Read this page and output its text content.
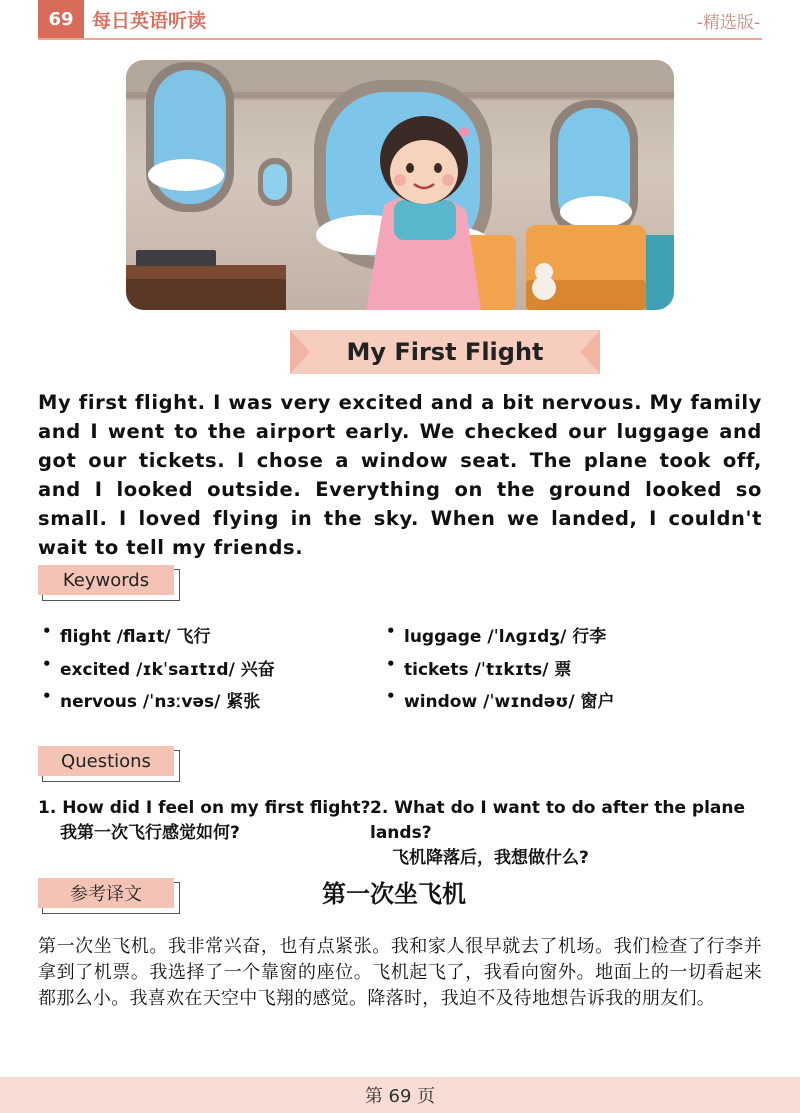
69 每日英语听读	-精选版-
My First Flight
My first flight. I was very excited and a bit nervous. My family and I went to the airport early. We checked our luggage and got our tickets. I chose a window seat. The plane took off, and I looked outside. Everything on the ground looked so small. I loved flying in the sky. When we landed, I couldn't wait to tell my friends.
Keywords
• flight /flaɪt/ 飞行
• excited /ɪkˈsaɪtɪd/ 兴奋
• nervous /ˈnɜːvəs/ 紧张
• luggage /ˈlʌɡɪdʒ/ 行李
• tickets /ˈtɪkɪts/ 票
• window /ˈwɪndəʊ/ 窗户
Questions
1. How did I feel on my first flight?
我第一次飞行感觉如何?
2. What do I want to do after the plane lands?
飞机降落后，我想做什么?
参考译文	第一次坐飞机
第一次坐飞机。我非常兴奋，也有点紧张。我和家人很早就去了机场。我们检查了行李并拿到了机票。我选择了一个靠窗的座位。飞机起飞了，我看向窗外。地面上的一切看起来都那么小。我喜欢在天空中飞翔的感觉。降落时，我迫不及待地想告诉我的朋友们。
第 69 页
